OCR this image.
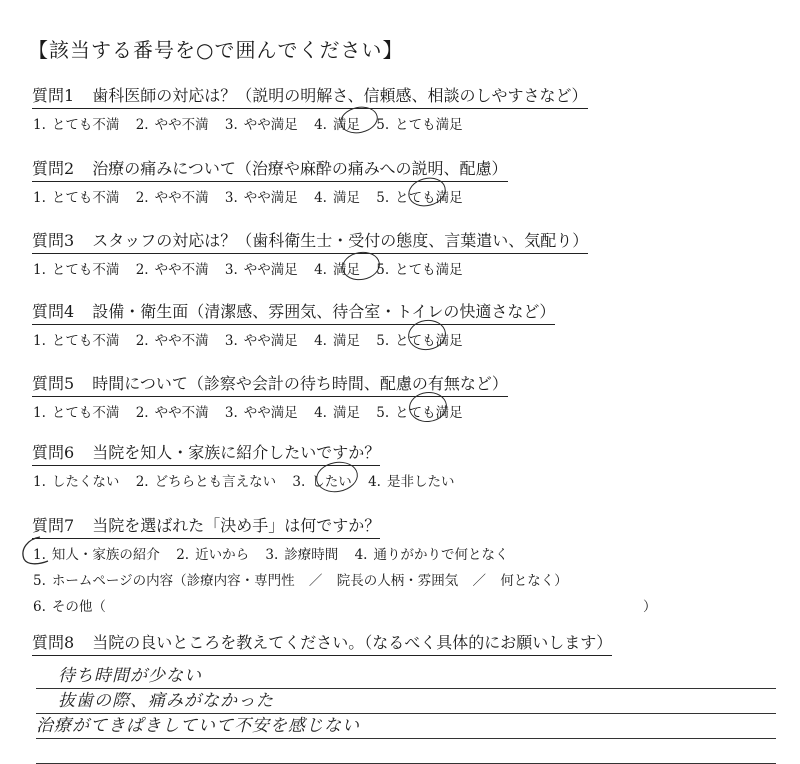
【該当する番号を○で囲んでください】
質問1 歯科医師の対応は？（説明の明解さ、信頼感、相談のしやすさなど）
1. とても不満 2. やや不満 3. やや満足 4. 満足 5. とても満足
質問2 治療の痛みについて（治療や麻酔の痛みへの説明、配慮）
1. とても不満 2. やや不満 3. やや満足 4. 満足 5. とても満足
質問3 スタッフの対応は？（歯科衛生士・受付の態度、言葉遣い、気配り）
1. とても不満 2. やや不満 3. やや満足 4. 満足 5. とても満足
質問4 設備・衛生面（清潔感、雰囲気、待合室・トイレの快適さなど）
1. とても不満 2. やや不満 3. やや満足 4. 満足 5. とても満足
質問5 時間について（診察や会計の待ち時間、配慮の有無など）
1. とても不満 2. やや不満 3. やや満足 4. 満足 5. とても満足
質問6 当院を知人・家族に紹介したいですか？
1. したくない 2. どちらとも言えない 3. したい 4. 是非したい
質問7 当院を選ばれた「決め手」は何ですか？
1. 知人・家族の紹介 2. 近いから 3. 診療時間 4. 通りがかりで何となく
5. ホームページの内容（診療内容・専門性 ／ 院長の人柄・雰囲気 ／ 何となく）
6. その他（	）
質問8 当院の良いところを教えてください。（なるべく具体的にお願いします）
待ち時間が少ない
抜歯の際、痛みがなかった
治療がてきぱきしていて不安を感じない
